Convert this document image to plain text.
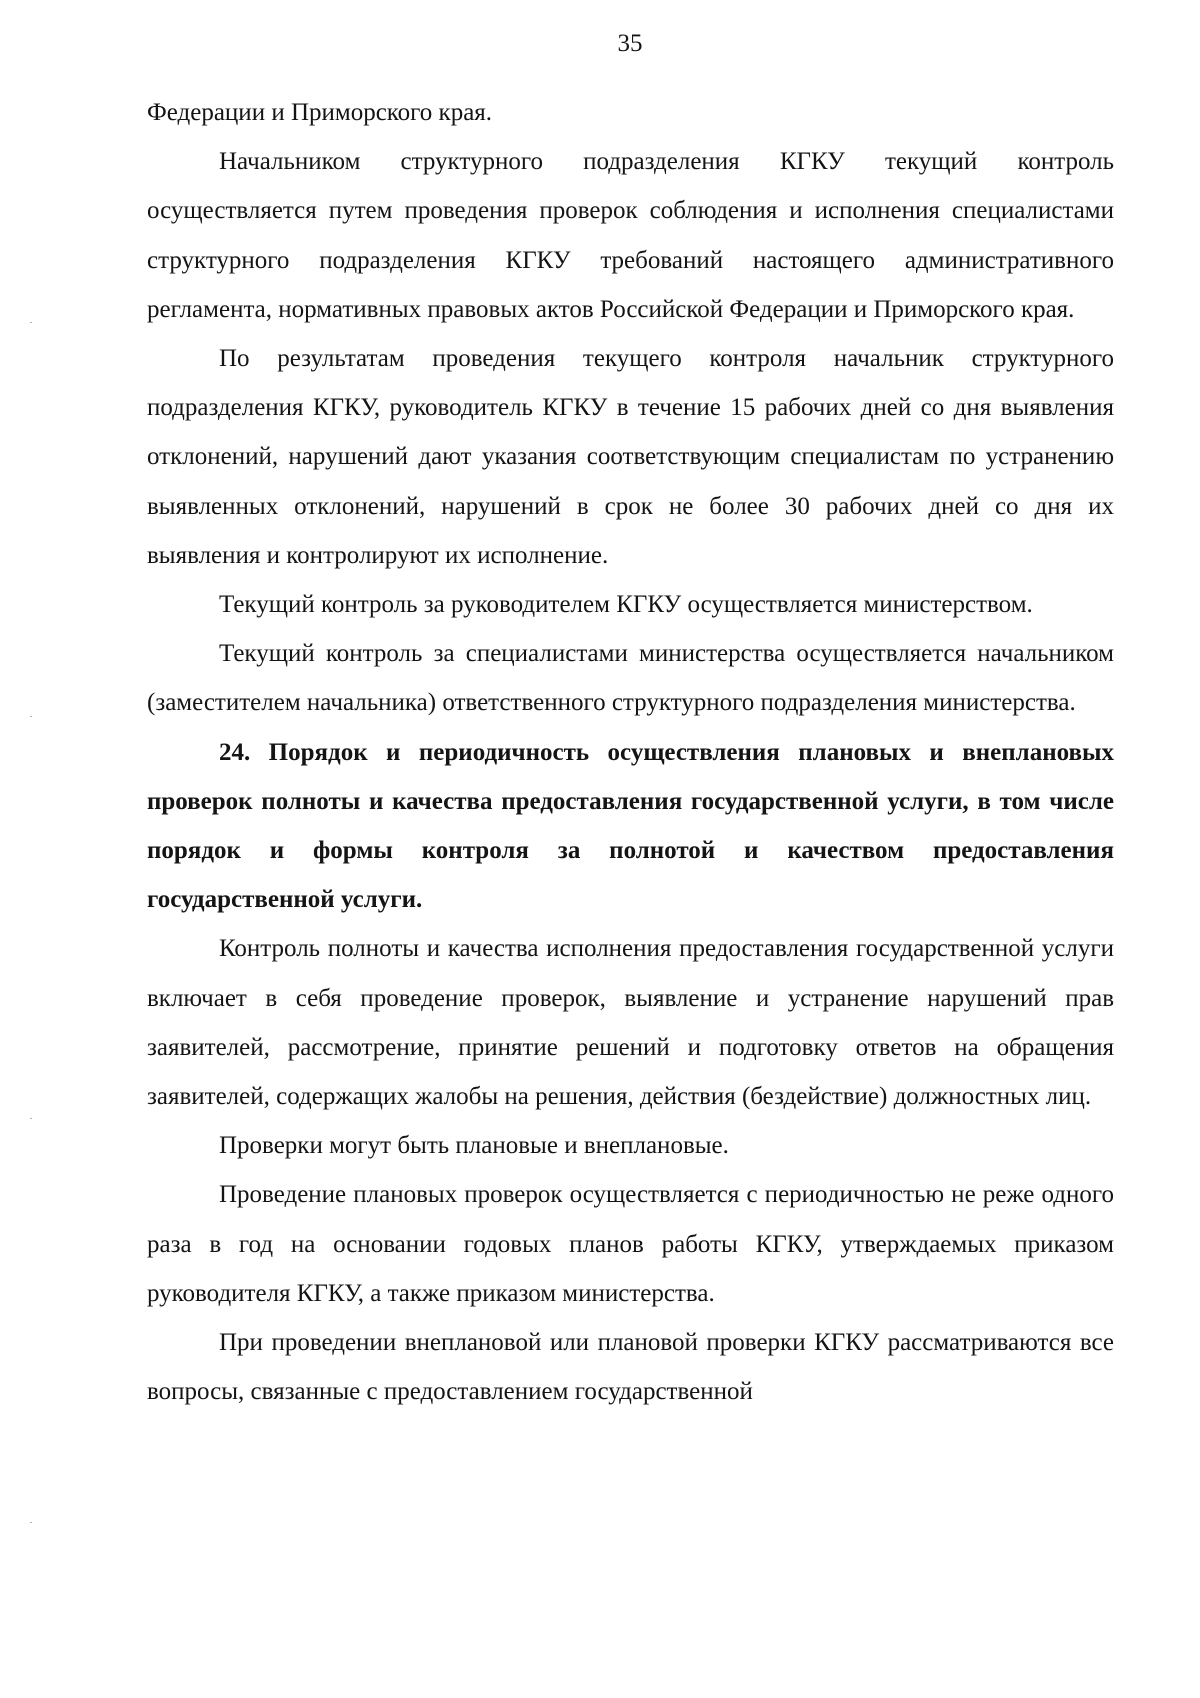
35

Федерации и Приморского края.

Начальником структурного подразделения КГКУ текущий контроль осуществляется путем проведения проверок соблюдения и исполнения специалистами структурного подразделения КГКУ требований настоящего административного регламента, нормативных правовых актов Российской Федерации и Приморского края.

По результатам проведения текущего контроля начальник структурного подразделения КГКУ, руководитель КГКУ в течение 15 рабочих дней со дня выявления отклонений, нарушений дают указания соответствующим специалистам по устранению выявленных отклонений, нарушений в срок не более 30 рабочих дней со дня их выявления и контролируют их исполнение.

Текущий контроль за руководителем КГКУ осуществляется министерством.

Текущий контроль за специалистами министерства осуществляется начальником (заместителем начальника) ответственного структурного подразделения министерства.

24. Порядок и периодичность осуществления плановых и внеплановых проверок полноты и качества предоставления государственной услуги, в том числе порядок и формы контроля за полнотой и качеством предоставления государственной услуги.

Контроль полноты и качества исполнения предоставления государственной услуги включает в себя проведение проверок, выявление и устранение нарушений прав заявителей, рассмотрение, принятие решений и подготовку ответов на обращения заявителей, содержащих жалобы на решения, действия (бездействие) должностных лиц.

Проверки могут быть плановые и внеплановые.

Проведение плановых проверок осуществляется с периодичностью не реже одного раза в год на основании годовых планов работы КГКУ, утверждаемых приказом руководителя КГКУ, а также приказом министерства.

При проведении внеплановой или плановой проверки КГКУ рассматриваются все вопросы, связанные с предоставлением государственной
